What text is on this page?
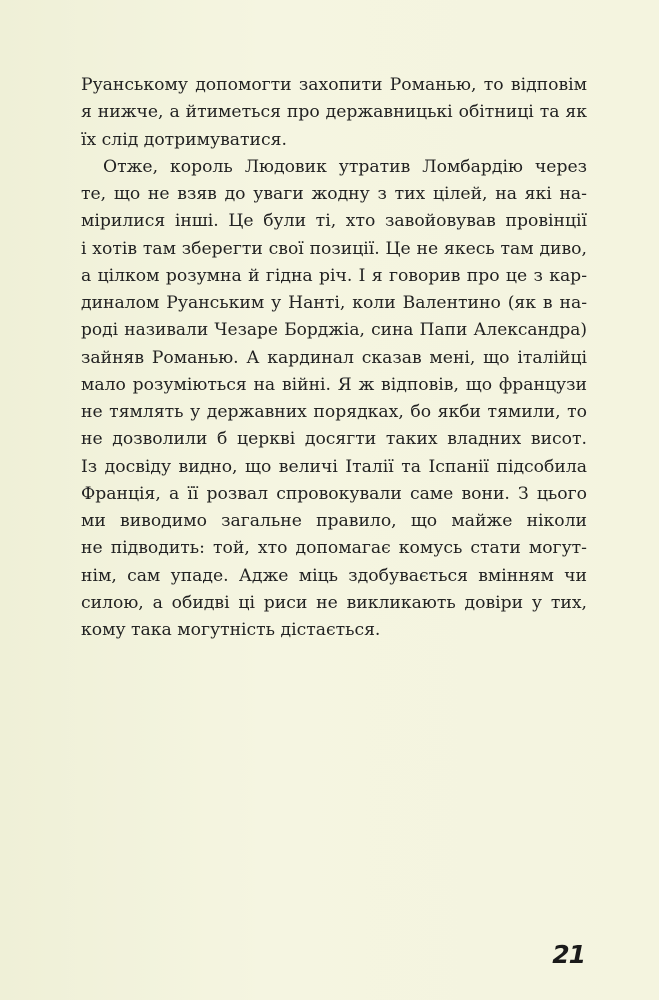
Руанському допомогти захопити Романью, то відповім
я нижче, а йтиметься про державницькі обітниці та як
їх слід дотримуватися.
Отже, король Людовик утратив Ломбардію через
те, що не взяв до уваги жодну з тих цілей, на які на-
мірилися інші. Це були ті, хто завойовував провінції
і хотів там зберегти свої позиції. Це не якесь там диво,
а цілком розумна й гідна річ. І я говорив про це з кар-
диналом Руанським у Нанті, коли Валентино (як в на-
роді називали Чезаре Борджіа, сина Папи Александра)
зайняв Романью. А кардинал сказав мені, що італійці
мало розуміються на війні. Я ж відповів, що французи
не тямлять у державних порядках, бо якби тямили, то
не дозволили б церкві досягти таких владних висот.
Із досвіду видно, що величі Італії та Іспанії підсобила
Франція, а її розвал спровокували саме вони. З цього
ми виводимо загальне правило, що майже ніколи
не підводить: той, хто допомагає комусь стати могут-
нім, сам упаде. Адже міць здобувається вмінням чи
силою, а обидві ці риси не викликають довіри у тих,
кому така могутність дістається.
21
